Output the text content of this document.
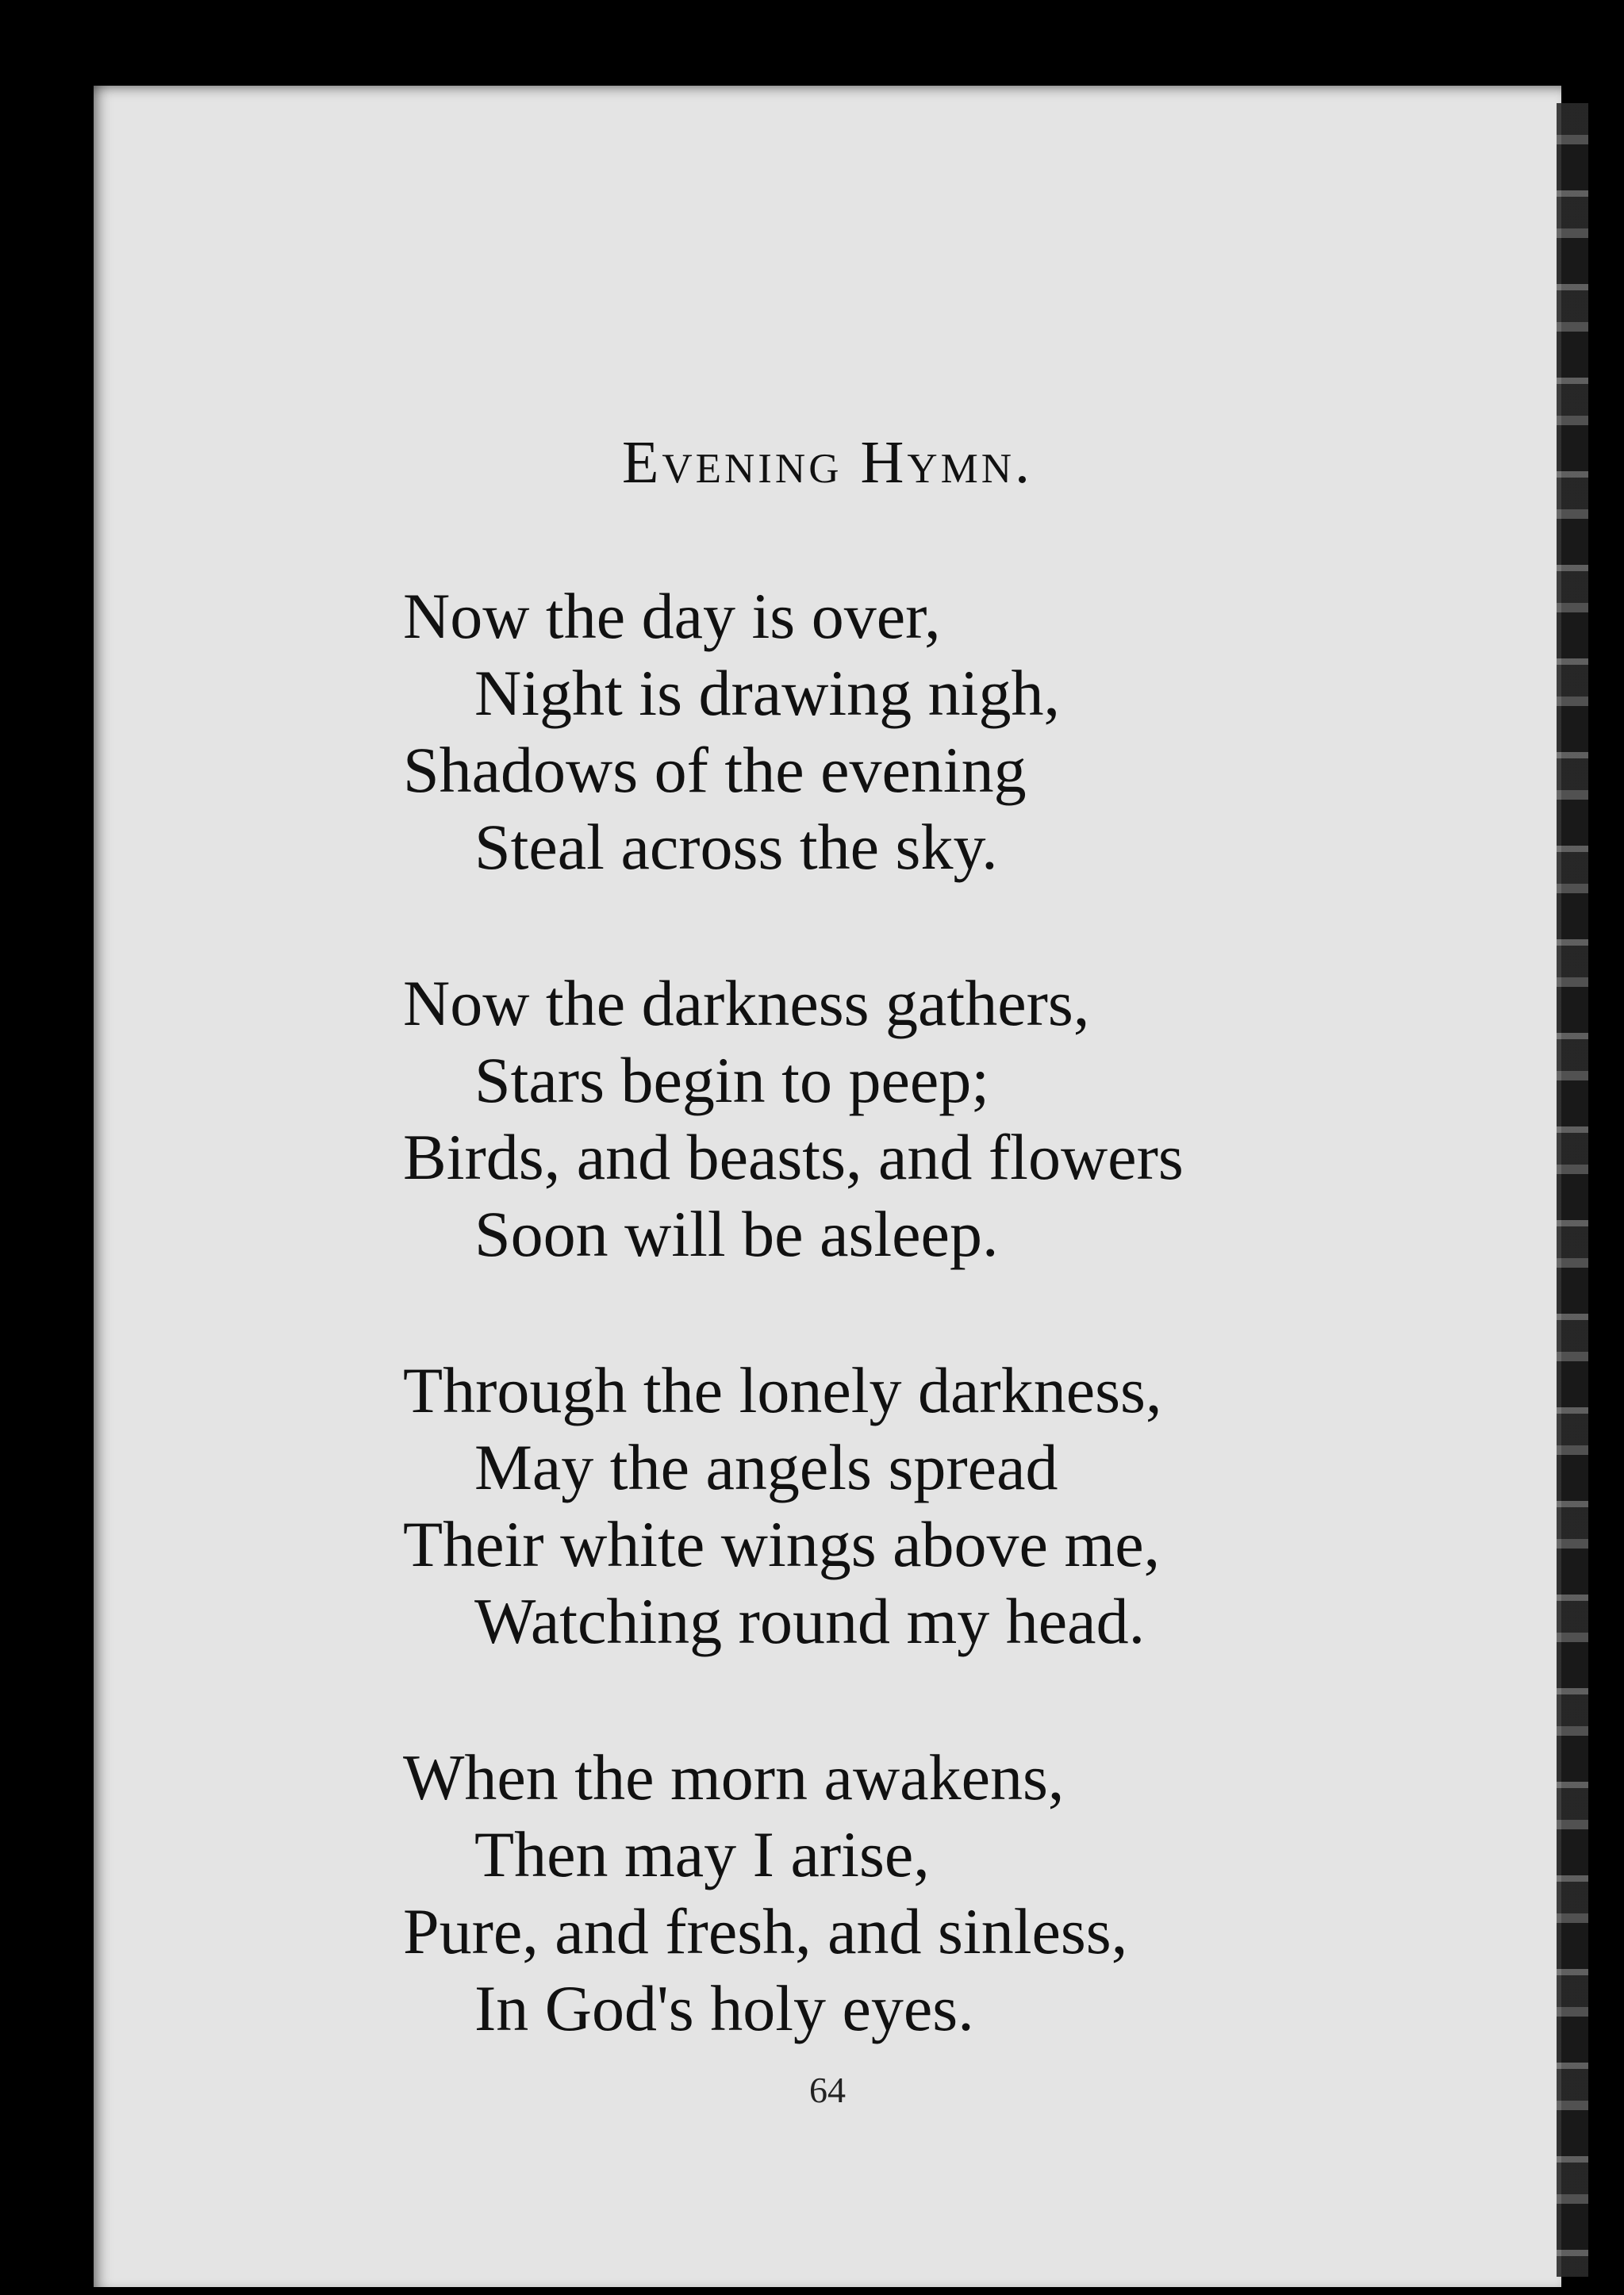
Evening Hymn.
Now the day is over,
Night is drawing nigh,
Shadows of the evening
Steal across the sky.
Now the darkness gathers,
Stars begin to peep;
Birds, and beasts, and flowers
Soon will be asleep.
Through the lonely darkness,
May the angels spread
Their white wings above me,
Watching round my head.
When the morn awakens,
Then may I arise,
Pure, and fresh, and sinless,
In God's holy eyes.
64
